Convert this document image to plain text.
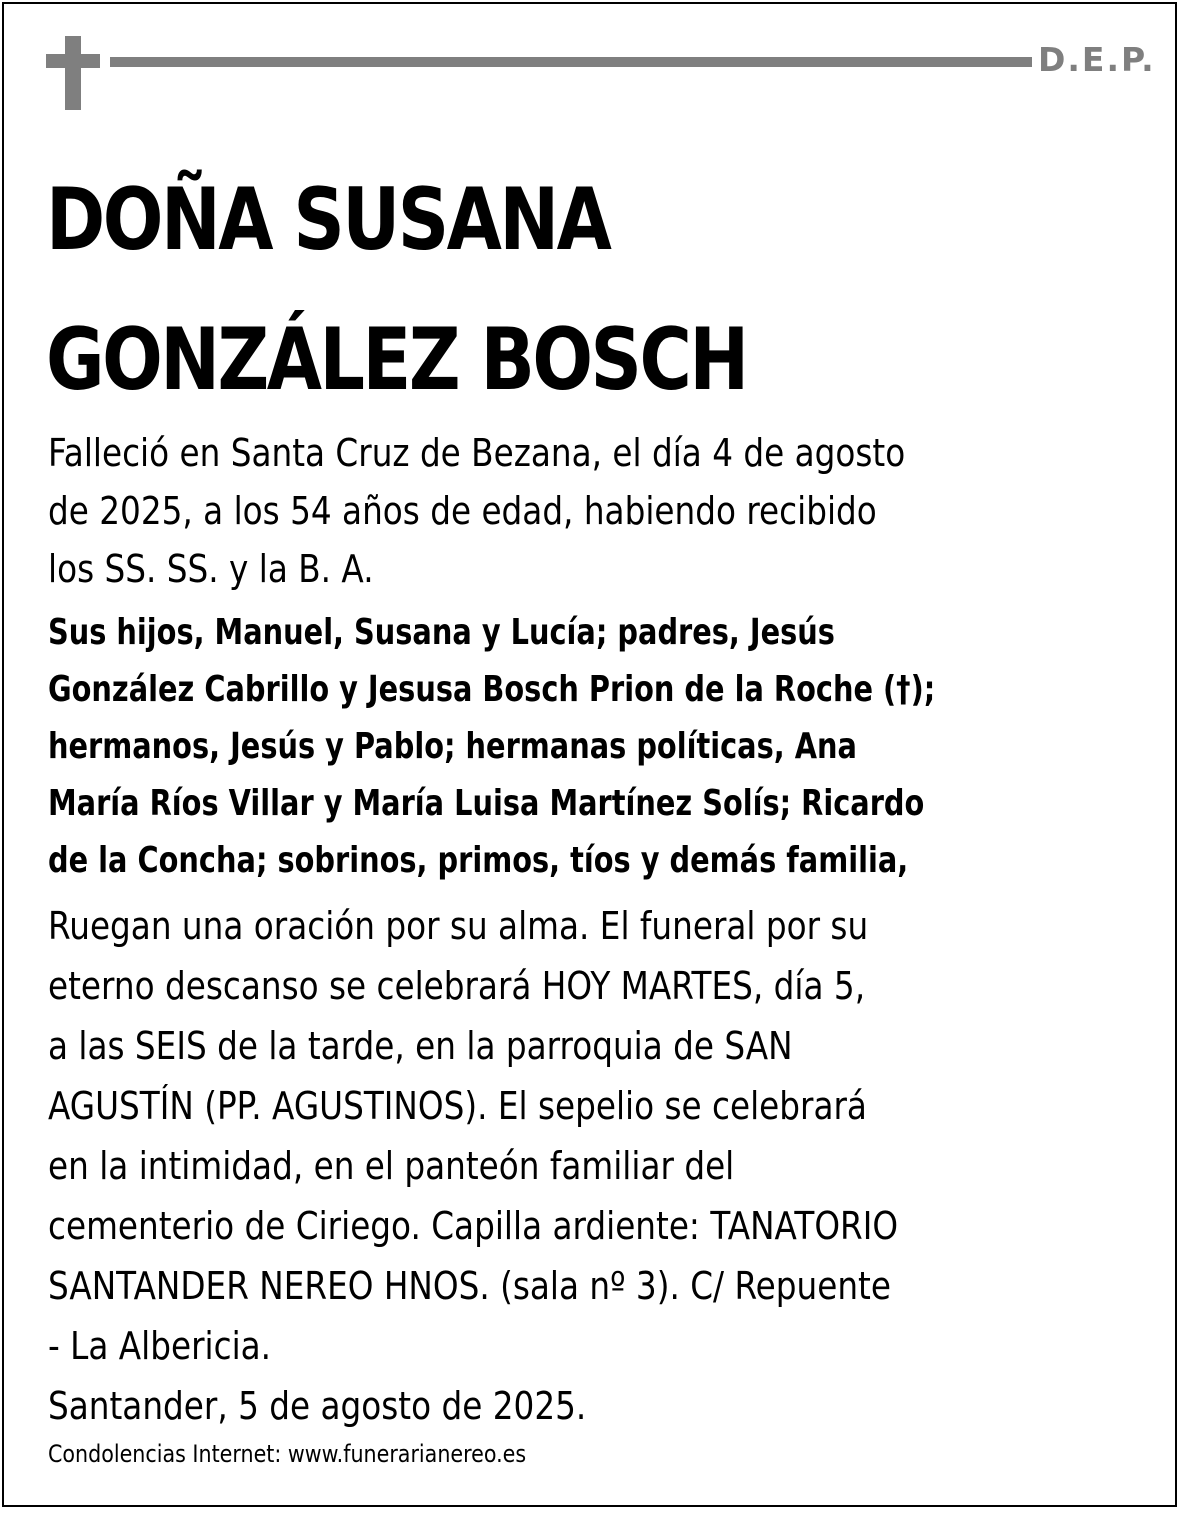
D.E.P.
DOÑA SUSANA
GONZÁLEZ BOSCH
Falleció en Santa Cruz de Bezana, el día 4 de agosto
de 2025, a los 54 años de edad, habiendo recibido
los SS. SS. y la B. A.
Sus hijos, Manuel, Susana y Lucía; padres, Jesús
González Cabrillo y Jesusa Bosch Prion de la Roche (†);
hermanos, Jesús y Pablo; hermanas políticas, Ana
María Ríos Villar y María Luisa Martínez Solís; Ricardo
de la Concha; sobrinos, primos, tíos y demás familia,
Ruegan una oración por su alma. El funeral por su
eterno descanso se celebrará HOY MARTES, día 5,
a las SEIS de la tarde, en la parroquia de SAN
AGUSTÍN (PP. AGUSTINOS). El sepelio se celebrará
en la intimidad, en el panteón familiar del
cementerio de Ciriego. Capilla ardiente: TANATORIO
SANTANDER NEREO HNOS. (sala nº 3). C/ Repuente
- La Albericia.
Santander, 5 de agosto de 2025.
Condolencias Internet: www.funerarianereo.es
